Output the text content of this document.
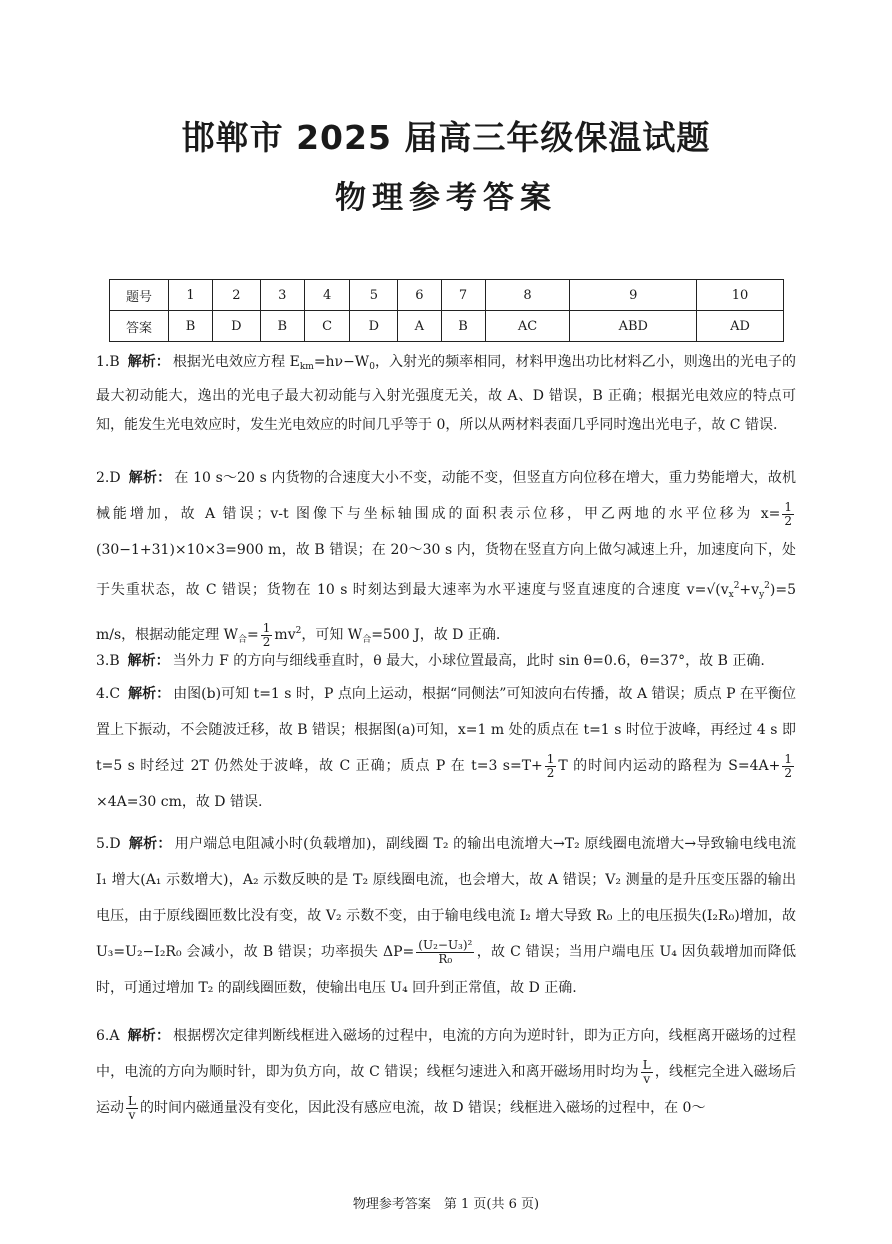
邯郸市 2025 届高三年级保温试题
物理参考答案
题号	1	2	3	4	5	6	7	8	9	10
答案	B	D	B	C	D	A	B	AC	ABD	AD
1.B 解析： 根据光电效应方程 $E_{km}=h\nu-W_0$，入射光的频率相同，材料甲逸出功比材料乙小，则逸出的光电子的最大初动能大，逸出的光电子最大初动能与入射光强度无关，故 A、D 错误，B 正确；根据光电效应的特点可知，能发生光电效应时，发生光电效应的时间几乎等于 0，所以从两材料表面几乎同时逸出光电子，故 C 错误.
2.D 解析： 在 10 s～20 s 内货物的合速度大小不变，动能不变，但竖直方向位移在增大，重力势能增大，故机械能增加，故 A 错误；v-t 图像下与坐标轴围成的面积表示位移，甲乙两地的水平位移为 $x= \frac{1}{2}$
(30−1+31)×10×3=900 m，故 B 错误；在 20～30 s 内，货物在竖直方向上做匀减速上升，加速度向下，处于失重状态，故 C 错误；货物在 10 s 时刻达到最大速率为水平速度与竖直速度的合速度 $v=√(v_x^2+v_y^2)=5$ m/s，根据动能定理 $W_合= \frac{1}{2} mv^2$，可知 $W_合=500$ J，故 D 正确.
3.B 解析： 当外力 F 的方向与细线垂直时，θ 最大，小球位置最高，此时 sin θ=0.6，θ=37°，故 B 正确.
4.C 解析： 由图(b)可知 t=1 s 时，P 点向上运动，根据“同侧法”可知波向右传播，故 A 错误；质点 P 在平衡位置上下振动，不会随波迁移，故 B 错误；根据图(a)可知，x=1 m 处的质点在 t=1 s 时位于波峰，再经过 4 s 即 t=5 s 时经过 2T 仍然处于波峰，故 C 正确；质点 P 在 t=3 $s=T+ \frac{1}{2}$ T 的时间内运动的路程为 $S=4A+ \frac{1}{2}$
×4A=30 cm，故 D 错误.
5.D 解析： 用户端总电阻减小时(负载增加)，副线圈 T₂ 的输出电流增大→T₂ 原线圈电流增大→导致输电线电流 I₁ 增大(A₁ 示数增大)，A₂ 示数反映的是 T₂ 原线圈电流，也会增大，故 A 错误；V₂ 测量的是升压变压器的输出电压，由于原线圈匝数比没有变，故 V₂ 示数不变，由于输电线电流 I₂ 增大导致 R₀ 上的电压损失(I₂R₀)增加，故 U₃=U₂−I₂R₀ 会减小，故 B 错误；功率损失 $\Delta P= \frac{\text{(U₂−U₃)²}}{\text{R₀}}$ ，故 C 错误；当用户端电压 U₄ 因负载增加而降低时，可通过增加 T₂ 的副线圈匝数，使输出电压 U₄ 回升到正常值，故 D 正确.
6.A 解析： 根据楞次定律判断线框进入磁场的过程中，电流的方向为逆时针，即为正方向，线框离开磁场的过程中，电流的方向为顺时针，即为负方向，故 C 错误；线框匀速进入和离开磁场用时均为 $\frac{L}{v}$ ，线框完全进入磁场后运动 $\frac{L}{v}$ 的时间内磁通量没有变化，因此没有感应电流，故 D 错误；线框进入磁场的过程中，在 0～
物理参考答案　第 1 页(共 6 页)
